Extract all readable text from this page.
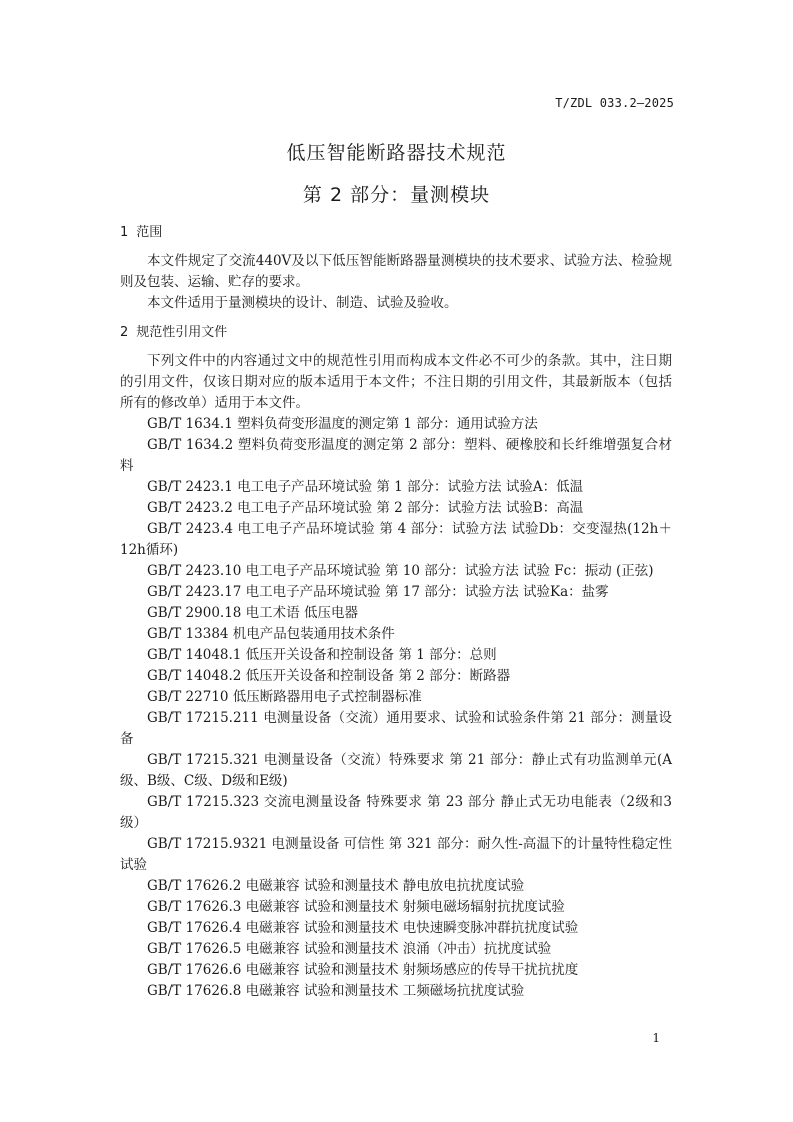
T/ZDL 033.2—2025
低压智能断路器技术规范
第 2 部分：量测模块
1 范围

本文件规定了交流440V及以下低压智能断路器量测模块的技术要求、试验方法、检验规则及包装、运输、贮存的要求。

本文件适用于量测模块的设计、制造、试验及验收。

2 规范性引用文件

下列文件中的内容通过文中的规范性引用而构成本文件必不可少的条款。其中，注日期的引用文件，仅该日期对应的版本适用于本文件；不注日期的引用文件，其最新版本（包括所有的修改单）适用于本文件。

GB/T 1634.1 塑料负荷变形温度的测定第 1 部分：通用试验方法
GB/T 1634.2 塑料负荷变形温度的测定第 2 部分：塑料、硬橡胶和长纤维增强复合材料
GB/T 2423.1 电工电子产品环境试验 第 1 部分：试验方法 试验A：低温
GB/T 2423.2 电工电子产品环境试验 第 2 部分：试验方法 试验B：高温
GB/T 2423.4 电工电子产品环境试验 第 4 部分：试验方法 试验Db：交变湿热(12h＋12h循环)
GB/T 2423.10 电工电子产品环境试验 第 10 部分：试验方法 试验 Fc：振动 (正弦)
GB/T 2423.17 电工电子产品环境试验 第 17 部分：试验方法 试验Ka：盐雾
GB/T 2900.18 电工术语 低压电器
GB/T 13384 机电产品包装通用技术条件
GB/T 14048.1 低压开关设备和控制设备 第 1 部分：总则
GB/T 14048.2 低压开关设备和控制设备 第 2 部分：断路器
GB/T 22710 低压断路器用电子式控制器标准
GB/T 17215.211 电测量设备（交流）通用要求、试验和试验条件第 21 部分：测量设备
GB/T 17215.321 电测量设备（交流）特殊要求 第 21 部分：静止式有功监测单元(A级、B级、C级、D级和E级)
GB/T 17215.323 交流电测量设备 特殊要求 第 23 部分 静止式无功电能表（2级和3级）
GB/T 17215.9321 电测量设备 可信性 第 321 部分：耐久性-高温下的计量特性稳定性试验
GB/T 17626.2 电磁兼容 试验和测量技术 静电放电抗扰度试验
GB/T 17626.3 电磁兼容 试验和测量技术 射频电磁场辐射抗扰度试验
GB/T 17626.4 电磁兼容 试验和测量技术 电快速瞬变脉冲群抗扰度试验
GB/T 17626.5 电磁兼容 试验和测量技术 浪涌（冲击）抗扰度试验
GB/T 17626.6 电磁兼容 试验和测量技术 射频场感应的传导干扰抗扰度
GB/T 17626.8 电磁兼容 试验和测量技术 工频磁场抗扰度试验
1
